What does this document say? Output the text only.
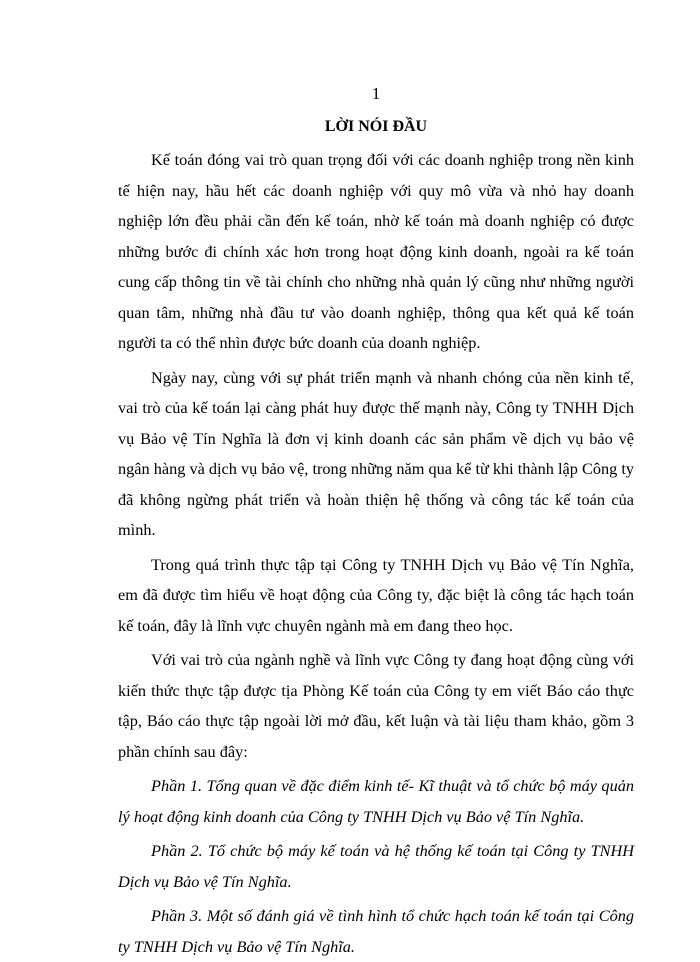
1
LỜI NÓI ĐẦU

Kế toán đóng vai trò quan trọng đối với các doanh nghiệp trong nền kinh tế hiện nay, hầu hết các doanh nghiệp với quy mô vừa và nhỏ hay doanh nghiệp lớn đều phải cần đến kế toán, nhờ kế toán mà doanh nghiệp có được những bước đi chính xác hơn trong hoạt động kinh doanh, ngoài ra kế toán cung cấp thông tin về tài chính cho những nhà quản lý cũng như những người quan tâm, những nhà đầu tư vào doanh nghiệp, thông qua kết quả kế toán người ta có thể nhìn được bức doanh của doanh nghiệp.

Ngày nay, cùng với sự phát triển mạnh và nhanh chóng của nền kinh tế, vai trò của kế toán lại càng phát huy được thế mạnh này, Công ty TNHH Dịch vụ Bảo vệ Tín Nghĩa là đơn vị kinh doanh các sản phẩm về dịch vụ bảo vệ ngân hàng và dịch vụ bảo vệ, trong những năm qua kể từ khi thành lập Công ty đã không ngừng phát triển và hoàn thiện hệ thống và công tác kế toán của mình.

Trong quá trình thực tập tại Công ty TNHH Dịch vụ Bảo vệ Tín Nghĩa, em đã được tìm hiểu về hoạt động của Công ty, đặc biệt là công tác hạch toán kế toán, đây là lĩnh vực chuyên ngành mà em đang theo học.

Với vai trò của ngành nghề và lĩnh vực Công ty đang hoạt động cùng với kiến thức thực tập được tịa Phòng Kế toán của Công ty em viết Báo cáo thực tập, Báo cáo thực tập ngoài lời mở đầu, kết luận và tài liệu tham khảo, gồm 3 phần chính sau đây:

Phần 1. Tổng quan về đặc điểm kinh tế- Kĩ thuật và tổ chức bộ máy quản lý hoạt động kinh doanh của Công ty TNHH Dịch vụ Bảo vệ Tín Nghĩa.

Phần 2. Tổ chức bộ máy kế toán và hệ thống kế toán tại Công ty TNHH Dịch vụ Bảo vệ Tín Nghĩa.

Phần 3. Một số đánh giá về tình hình tổ chức hạch toán kế toán tại Công ty TNHH Dịch vụ Bảo vệ Tín Nghĩa.
